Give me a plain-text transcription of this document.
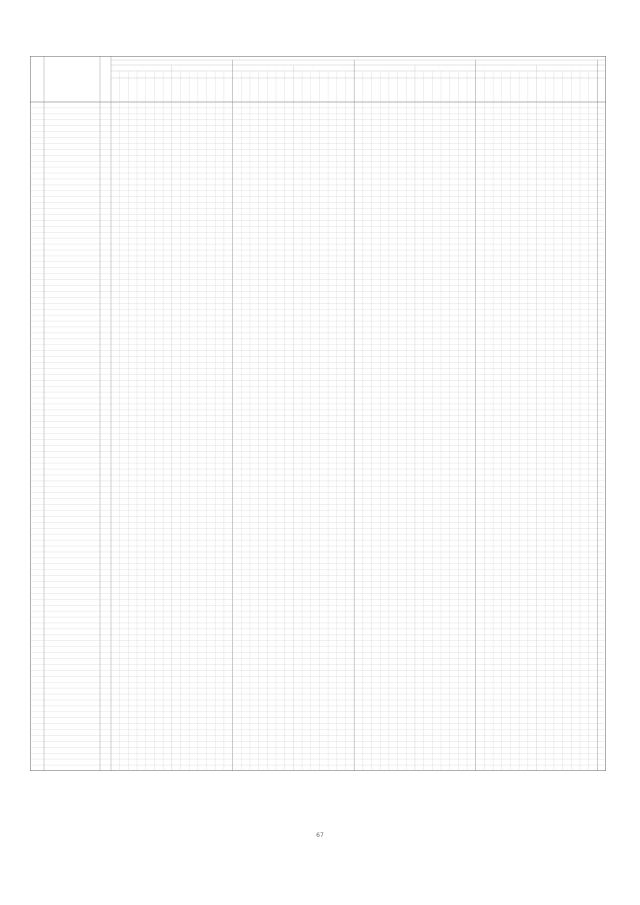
67
